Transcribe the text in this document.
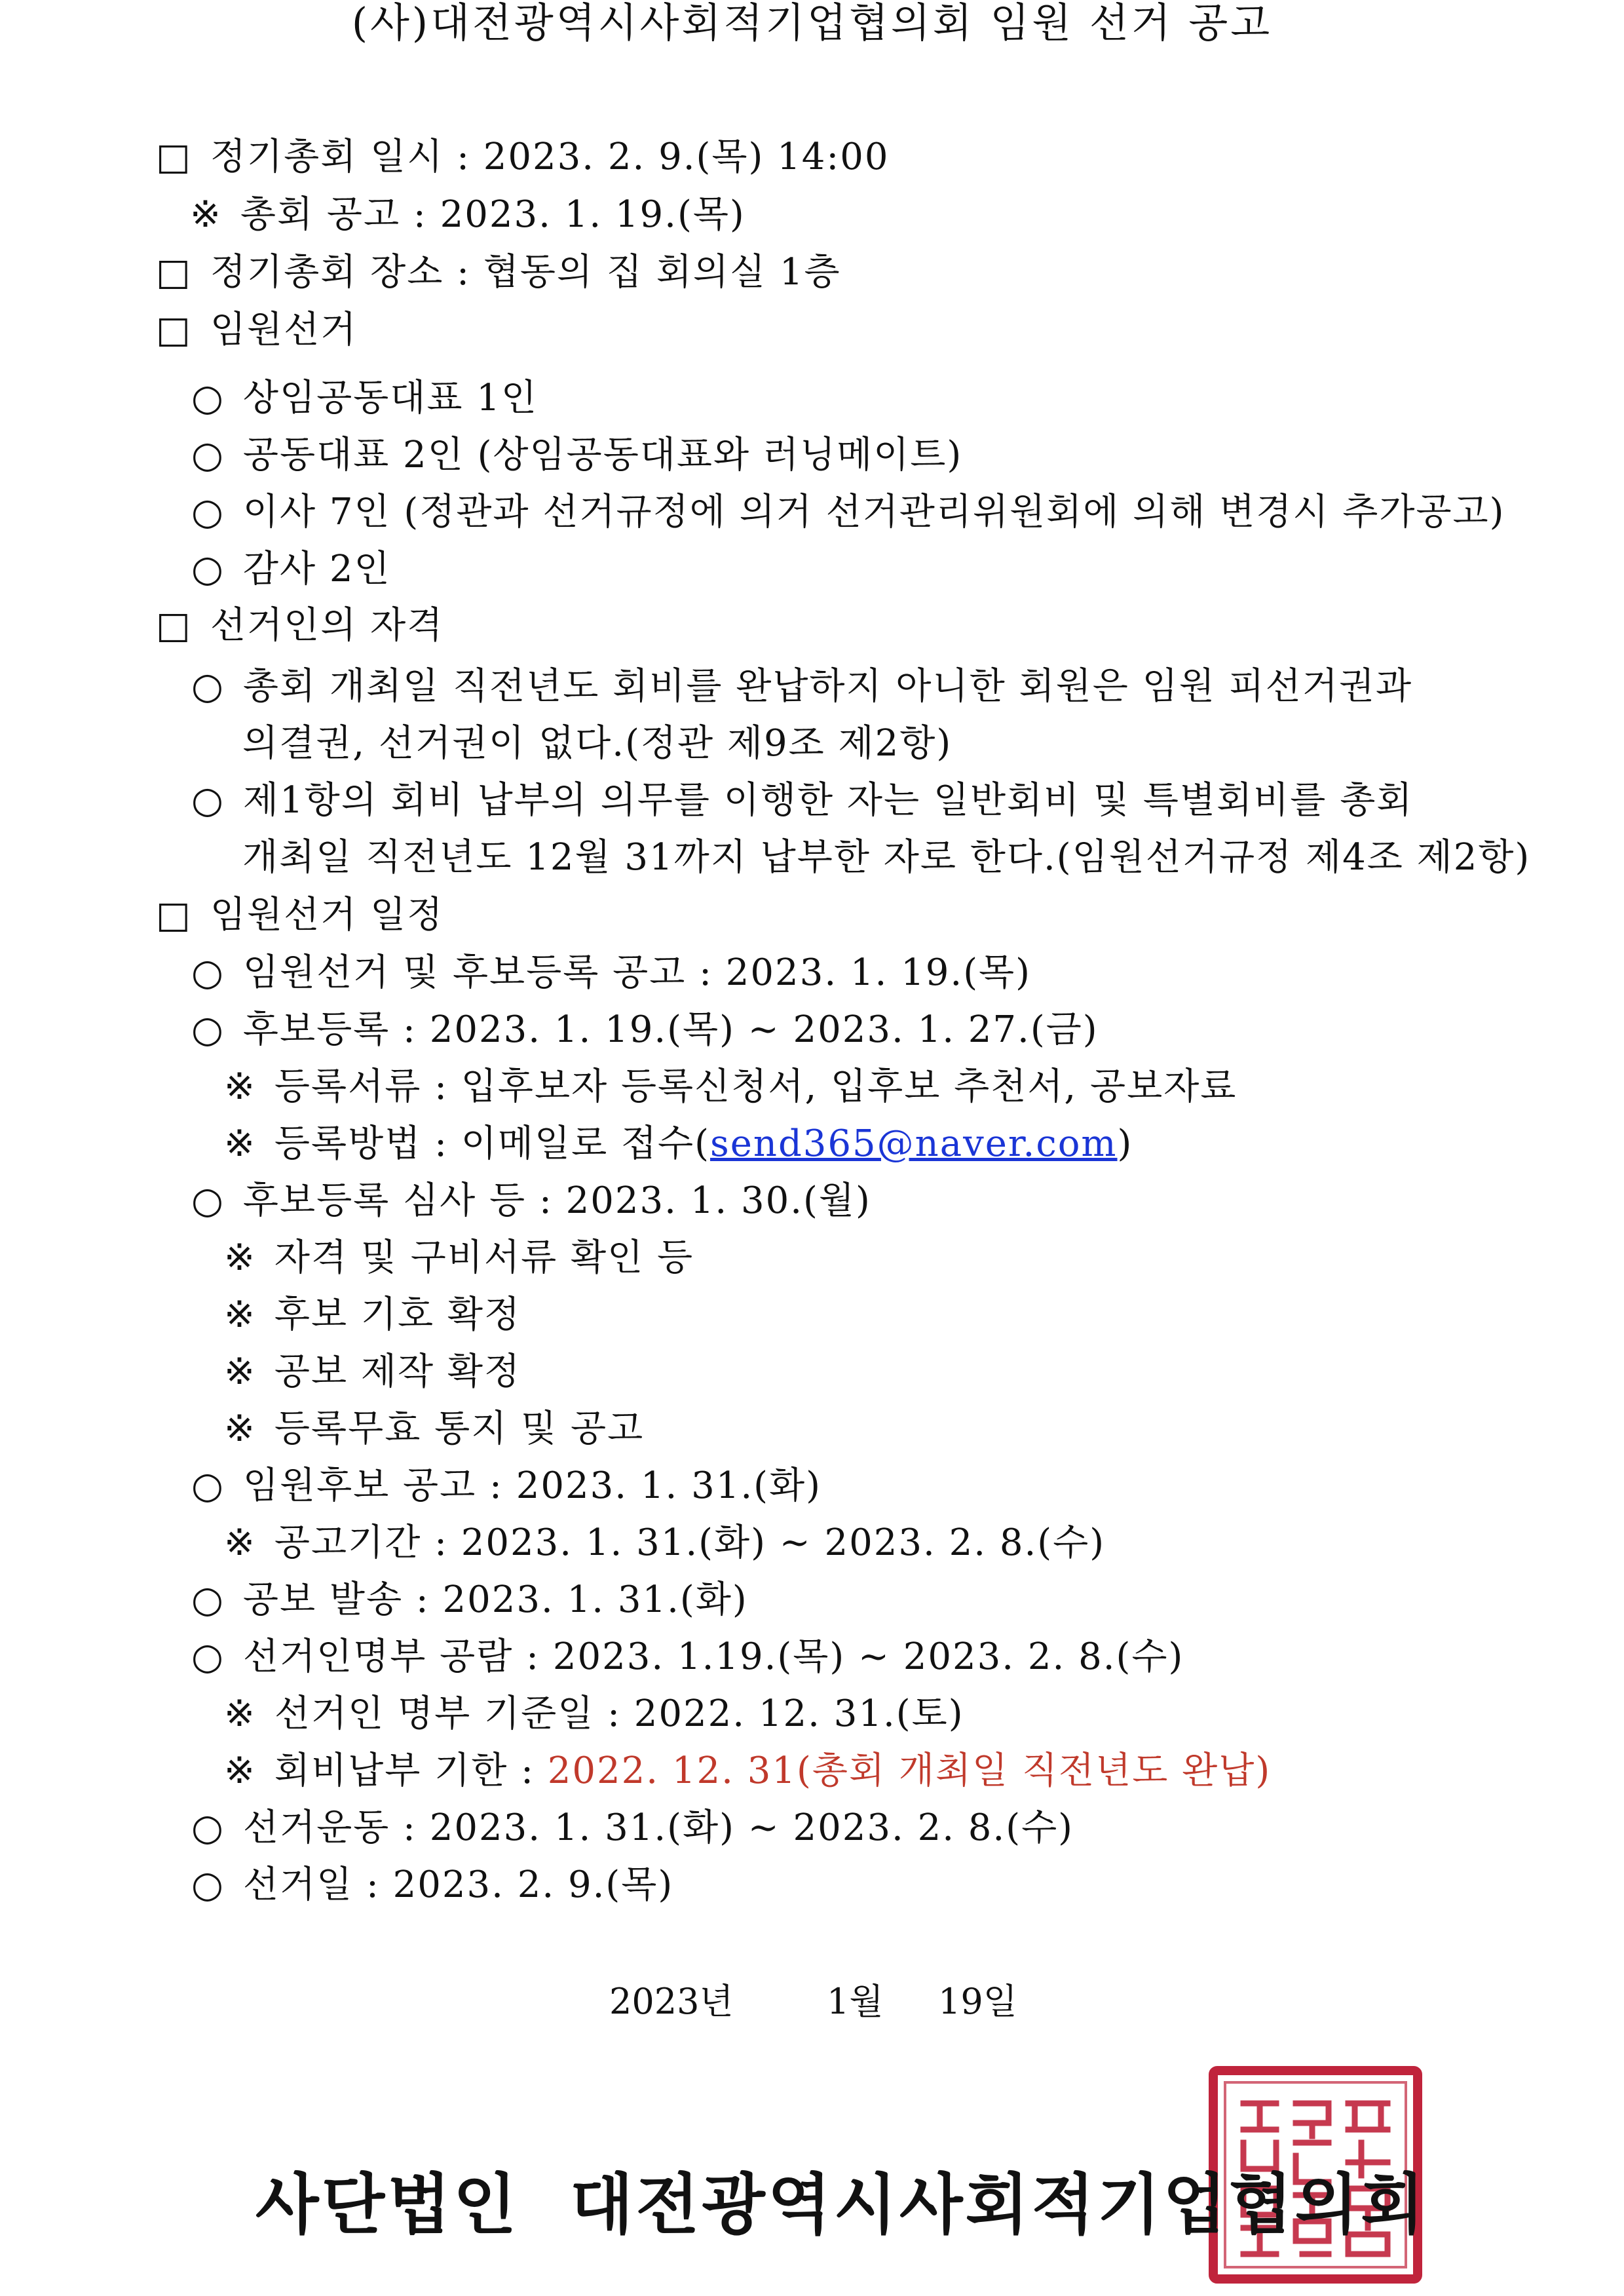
(사)대전광역시사회적기업협의회 임원 선거 공고
□ 정기총회 일시 : 2023. 2. 9.(목) 14:00
※ 총회 공고 : 2023. 1. 19.(목)
□ 정기총회 장소 : 협동의 집 회의실 1층
□ 임원선거
○ 상임공동대표 1인
○ 공동대표 2인 (상임공동대표와 러닝메이트)
○ 이사 7인 (정관과 선거규정에 의거 선거관리위원회에 의해 변경시 추가공고)
○ 감사 2인
□ 선거인의 자격
○ 총회 개최일 직전년도 회비를 완납하지 아니한 회원은 임원 피선거권과
의결권, 선거권이 없다.(정관 제9조 제2항)
○ 제1항의 회비 납부의 의무를 이행한 자는 일반회비 및 특별회비를 총회
개최일 직전년도 12월 31까지 납부한 자로 한다.(임원선거규정 제4조 제2항)
□ 임원선거 일정
○ 임원선거 및 후보등록 공고 : 2023. 1. 19.(목)
○ 후보등록 : 2023. 1. 19.(목) ~ 2023. 1. 27.(금)
※ 등록서류 : 입후보자 등록신청서, 입후보 추천서, 공보자료
※ 등록방법 : 이메일로 접수(send365@naver.com)
○ 후보등록 심사 등 : 2023. 1. 30.(월)
※ 자격 및 구비서류 확인 등
※ 후보 기호 확정
※ 공보 제작 확정
※ 등록무효 통지 및 공고
○ 임원후보 공고 : 2023. 1. 31.(화)
※ 공고기간 : 2023. 1. 31.(화) ~ 2023. 2. 8.(수)
○ 공보 발송 : 2023. 1. 31.(화)
○ 선거인명부 공람 : 2023. 1.19.(목) ~ 2023. 2. 8.(수)
※ 선거인 명부 기준일 : 2022. 12. 31.(토)
※ 회비납부 기한 : 2022. 12. 31(총회 개최일 직전년도 완납)
○ 선거운동 : 2023. 1. 31.(화) ~ 2023. 2. 8.(수)
○ 선거일 : 2023. 2. 9.(목)
2023년	1월 19일
사단법인  대전광역시사회적기업협의회
